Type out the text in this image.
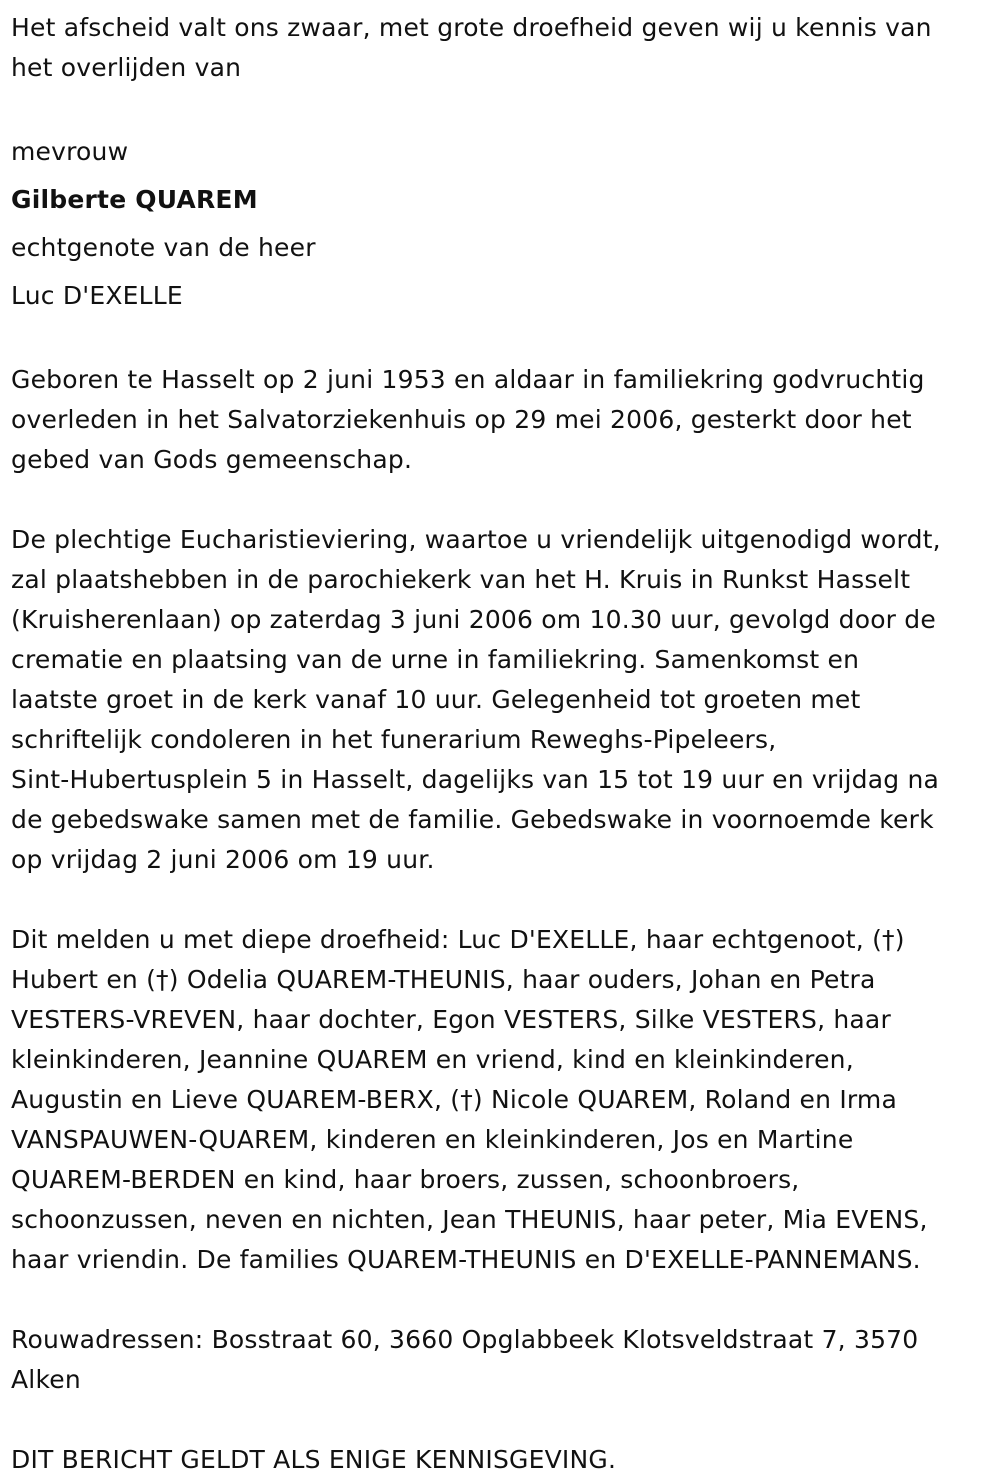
Het afscheid valt ons zwaar, met grote droefheid geven wij u kennis van
het overlijden van

mevrouw

Gilberte QUAREM

echtgenote van de heer

Luc D'EXELLE

Geboren te Hasselt op 2 juni 1953 en aldaar in familiekring godvruchtig
overleden in het Salvatorziekenhuis op 29 mei 2006, gesterkt door het
gebed van Gods gemeenschap.

De plechtige Eucharistieviering, waartoe u vriendelijk uitgenodigd wordt,
zal plaatshebben in de parochiekerk van het H. Kruis in Runkst Hasselt
(Kruisherenlaan) op zaterdag 3 juni 2006 om 10.30 uur, gevolgd door de
crematie en plaatsing van de urne in familiekring. Samenkomst en
laatste groet in de kerk vanaf 10 uur. Gelegenheid tot groeten met
schriftelijk condoleren in het funerarium Reweghs-Pipeleers,
Sint-Hubertusplein 5 in Hasselt, dagelijks van 15 tot 19 uur en vrijdag na
de gebedswake samen met de familie. Gebedswake in voornoemde kerk
op vrijdag 2 juni 2006 om 19 uur.

Dit melden u met diepe droefheid: Luc D'EXELLE, haar echtgenoot, (†)
Hubert en (†) Odelia QUAREM-THEUNIS, haar ouders, Johan en Petra
VESTERS-VREVEN, haar dochter, Egon VESTERS, Silke VESTERS, haar
kleinkinderen, Jeannine QUAREM en vriend, kind en kleinkinderen,
Augustin en Lieve QUAREM-BERX, (†) Nicole QUAREM, Roland en Irma
VANSPAUWEN-QUAREM, kinderen en kleinkinderen, Jos en Martine
QUAREM-BERDEN en kind, haar broers, zussen, schoonbroers,
schoonzussen, neven en nichten, Jean THEUNIS, haar peter, Mia EVENS,
haar vriendin. De families QUAREM-THEUNIS en D'EXELLE-PANNEMANS.

Rouwadressen: Bosstraat 60, 3660 Opglabbeek Klotsveldstraat 7, 3570
Alken

DIT BERICHT GELDT ALS ENIGE KENNISGEVING.
